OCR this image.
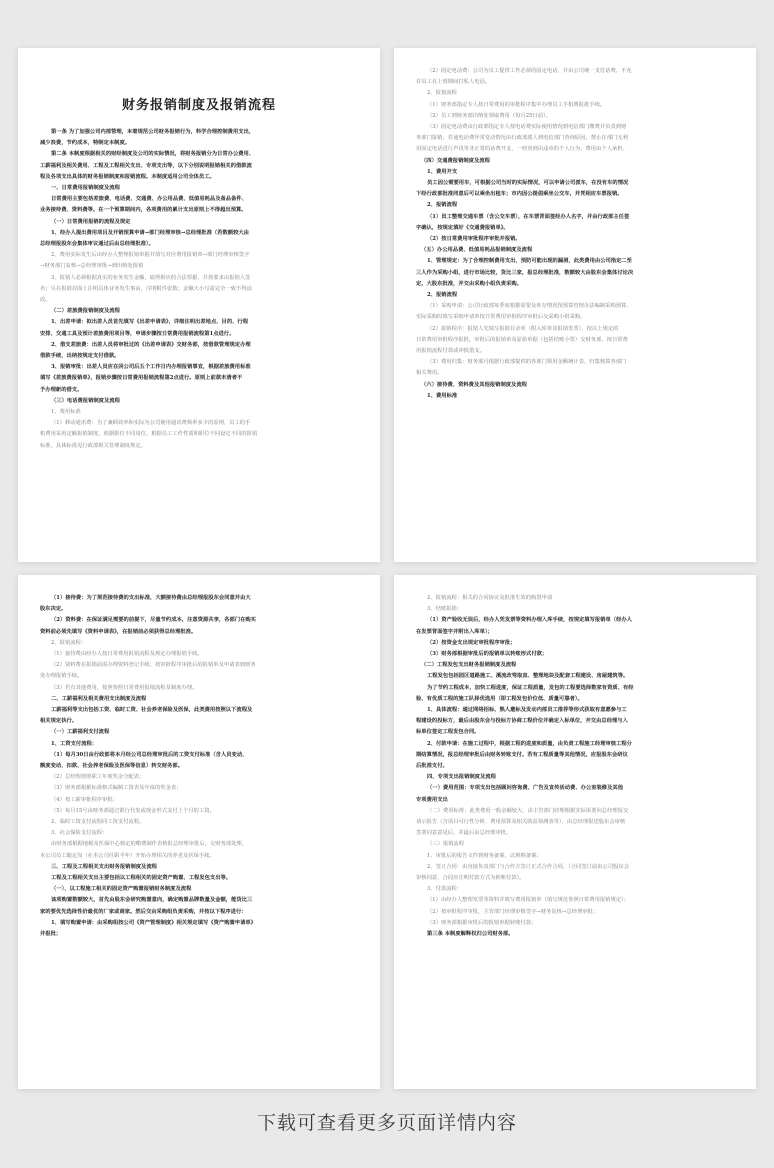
财务报销制度及报销流程
第一条 为了加强公司内部管理，本着规范公司财务报销行为，科学合理控制费用支出，
减少浪费，节约成本，特制定本制度。
第二条 本制度根据相关的财经制度及公司的实际情况，将财务报销分为日常办公费用、
工薪福利及相关费用、工程及工程相关支出、专项支出等，以下分别说明报销相关的借款流
程及各项支出具体的财务报销制度和报销流程。本制度适用公司全体员工。
一、日常费用报销制度及流程
日常费用主要包括差旅费、电话费、交通费、办公用品费、低值易耗品及备品备件、
业务接待费、资料费等。在一个预算期间内，各项费用的累计支出原则上不得超出预算。
（一）日常费用报销的流程及规定
1、经办人提出费用项目及开销预算申请→部门经理审核→总经理批准（若数额较大由
总经理报股东会集体审议通过后由总经理批准）。
2、费用实际发生后由经办人整理报销单据并填写对应费用报销单→部门经理审核签字
→财务部门复核→总经理审批→到出纳处报销
3、报销人必须根据真实的业务发生金额，取得相应的合法票据，并按要求由报销人签
名；另在报销封面上注明具体业务发生事由，注明附件张数；金额大小写需完全一致不得涂
改。
（二）差旅费报销制度及流程
1、出差申请：拟出差人员首先填写《出差申请表》，详细注明出差地点、目的、行程
安排、交通工具及预计差旅费用项目等，申请步骤按日常费用报销流程第1点进行。
2、借支差旅费：出差人员将审批过的《出差申请表》交财务部，按借款管理规定办理
借款手续，出纳按规定支付借款。
3、报销审批：出差人员应在回公司后五个工作日内办理报销事宜，根据差旅费用标准
填写《差旅费报销单》，报销步骤按日常费用报销流程第2点进行。原则上前款未清者不
予办理新的借支。
（三）电话费报销制度及流程
1、费用标准
（1）移动通讯费：为了兼顾效率和实际为公司使用通讯费频率多少的原则，员工的手
机费用采用定额报销制度，依据职位不同岗位，根据员工工作性质和职位不同设定不同的报销
标准，具体标准见行政部相关管理制度规定。
（2）固定电话费：公司为员工提供工作必须的固定电话，并由公司统一支付话费，不允
许员工在上班期间打私人电话。
2、报销流程
（1）财务部指定专人按日常费用的审批程序集中办理员工手机费报批手续。
（2）员工到财务部出纳处领取费用（每月25日前）。
（3）固定电话费由行政部指定专人按电话费实际使用情况到电信部门缴费并负责到财
务部门报销，若通电话费异常变动情况由行政部派人到电信部门查询原因，禁止在部门无利
用固定电话进行声讯等非正常的话费开支，一经查到由违章的个人行为，费用由个人承担。
（四）交通费报销制度及流程
1、费用开支
员工因公需要用车，可根据公司当时的实际情况，可以申请公司派车，在没有车的情况
下经行政部批准同意后可以乘坐出租车；市内因公提倡乘坐公交车，并凭相应车票报销。
2、报销流程
（1）员工整理交通车票（含公交车票），在车票背面签经办人名字，并由行政部主任签
字确认，按规定填好《交通费报销单》。
（2）按日常费用审批程序审批并报销。
（五）办公用品费、低值易耗品报销制度及流程
1、管理规定：为了合理控制费用支出，预防可能出现的漏洞，此类费用由公司指定二至
三人作为采购小组，进行市场比较，货比三家，报总经理批准，数额较大由股东会集体讨论决
定，大股东批准，并交由采购小组负责采购。
2、报销流程
（1）采购申请：公司行政部每季度根据需要及库存情况按预算管理办法编制采购预算，
实际采购时填写采购申请单按日常费用审批程序审批后交采购小组采购。
（2）报销程序：报销人先填写报销目录单（附入库单及报销发票），按以上规定的
日常费用审批程序报批，审批后的报销单及原始单据（包括结账小票）交财务部，按日常费
用报销流程付款或冲抵借支。
（3）费用归集：财务部月根据行政部提供的各部门领用金额统计表，归集核算各部门
相关费用。
（六）接待费、资料费及其他报销制度及流程
1、费用标准
（1）接待费：为了规范接待费的支出标准，大额接待费由总经理报股东会同意并由大
股东决定。
（2）资料费：在保证满足需要的前提下，尽量节约成本，注意资源共享，各部门在购买
资料前必须先填写《资料申请表》，在报销前必须获得总经理批准。
2、报销流程：
（1）接待费由经办人按日常费用报销流程及规定办理报销手续。
（2）资料费在报销前需办理资料登记手续，按审批程序审批后的报销单及申请表到财务
处办理报销手续。
（3）若有其他费用，按照参照日常费用报销流程及制度办理。
二、工薪福利及相关费用支出制度及流程
工薪福利等支出包括工资、临时工资、社会养老保险及医保，此类费用按照以下流程及
相关规定执行。
（一）工薪福利支付流程
1、工资支付流程：
（1）每月30日由行政部将本月经公司总经理审批后的工资支付标准（含人员变动、
额度变动、扣款、社会养老保险及医保等信息）转交财务部。
（2）总经理按照职工年度奖金分配表；
（3）财务部根据标准格式编制工资表及年度的奖金表；
（4）按工薪审批程序审批；
（5）每月15号由财务部通过银行代发或现金形式支付上个月的工资。
2、临时工资支付流程同工资支付流程。
3、社会保险支付流程：
由财务部根据地税及医保中心核定的缴费制作表格报总经理审批后，交财务部处理，
本公司员工随定岗（在本公司任职半年）开始办理相关的养老及医保手续。
三、工程及工程相关支出财务报销制度及流程
工程及工程相关支出主要包括以工程相关的固定资产购置、工程发包支出等。
（一）、以工程施工相关的固定资产购置报销财务制度及流程
该项购置数额较大，首先由股东会研究购置意向，确定购置品牌数量及金额，能货比三
家的要优先选择性价最优的厂家或商家。然后交由采购组负责采购，并按以下程序进行：
1、填写购置申请：由采购组按公司《资产管理制度》相关规定填写《资产购置申请单》
并报批；
2、报销流程：相关的合同协议及批准生效的购置申请
3、结账报销：
（1）资产验收无误后，经办人凭发票等资料办理入库手续，按规定填写报销单（经办人
在发票背面签字并附出入库单）；
（2）按资金支出规定审批程序审批；
（3）财务部根据审批后的报销单以转账形式付款；
（二）工程发包支出财务报销制度及流程
工程发包包括园区道路施工、溪流改弯取直、整理地块及配套工程建设、房屋建筑等。
为了节约工程成本，加快工程进度，保证工程质量，发包的工程要选择数家有资质、有经
验、有优质工程的施工队择优选用（即工程发包价位低、质量可靠者）。
1、具体流程：通过网络招标、熟人邀标及发动内部员工推荐等形式获取有意愿参与工
程建设的投标方，最后由股东会与投标方协商工程价位并确定入标单位，并交由总经理与入
标单位签定工程发包合同。
2、付款申请：在施工过程中，根据工程的进度和质量，由负责工程施工经理审核工程分
期结算情况，报总经理审批后由财务转账支付。若有工程质量等其他情况，应报股东会研议
后批准支付。
四、专项支出报销制度及流程
（一）费用范围：专项支出包括顾问咨询费、广告及宣传活动费、办公室装修及其他
专项费用支出
（二）费用标准：此类费用一般金额较大，由主管部门经理根据实际需要向总经理报交
请示报告（含项目可行性分析、费用预算及相关收益预测表等），由总经理报送股东会审核
签署同意意见后，并最后由总经理审批。
（三）报销流程
1、审批后的报告文件到财务备案，以规则备案；
2、签订合同：由直接负责部门与合作方签订正式合作合同，（合同签订前由公司股东会
审核同意，合同应注明付款方式为转账付款）。
3、付款流程：
（1）由经办人整理发票等资料并填写费用报销单（填写规范参照日常费用报销规定）；
（2）按审批程序审批，主管部门经理审核签字→财务复核→总经理审批；
（3）财务部根据审批后的报销单据转账付款；
第三条 本制度解释权归公司财务部。
下载可查看更多页面详情内容
